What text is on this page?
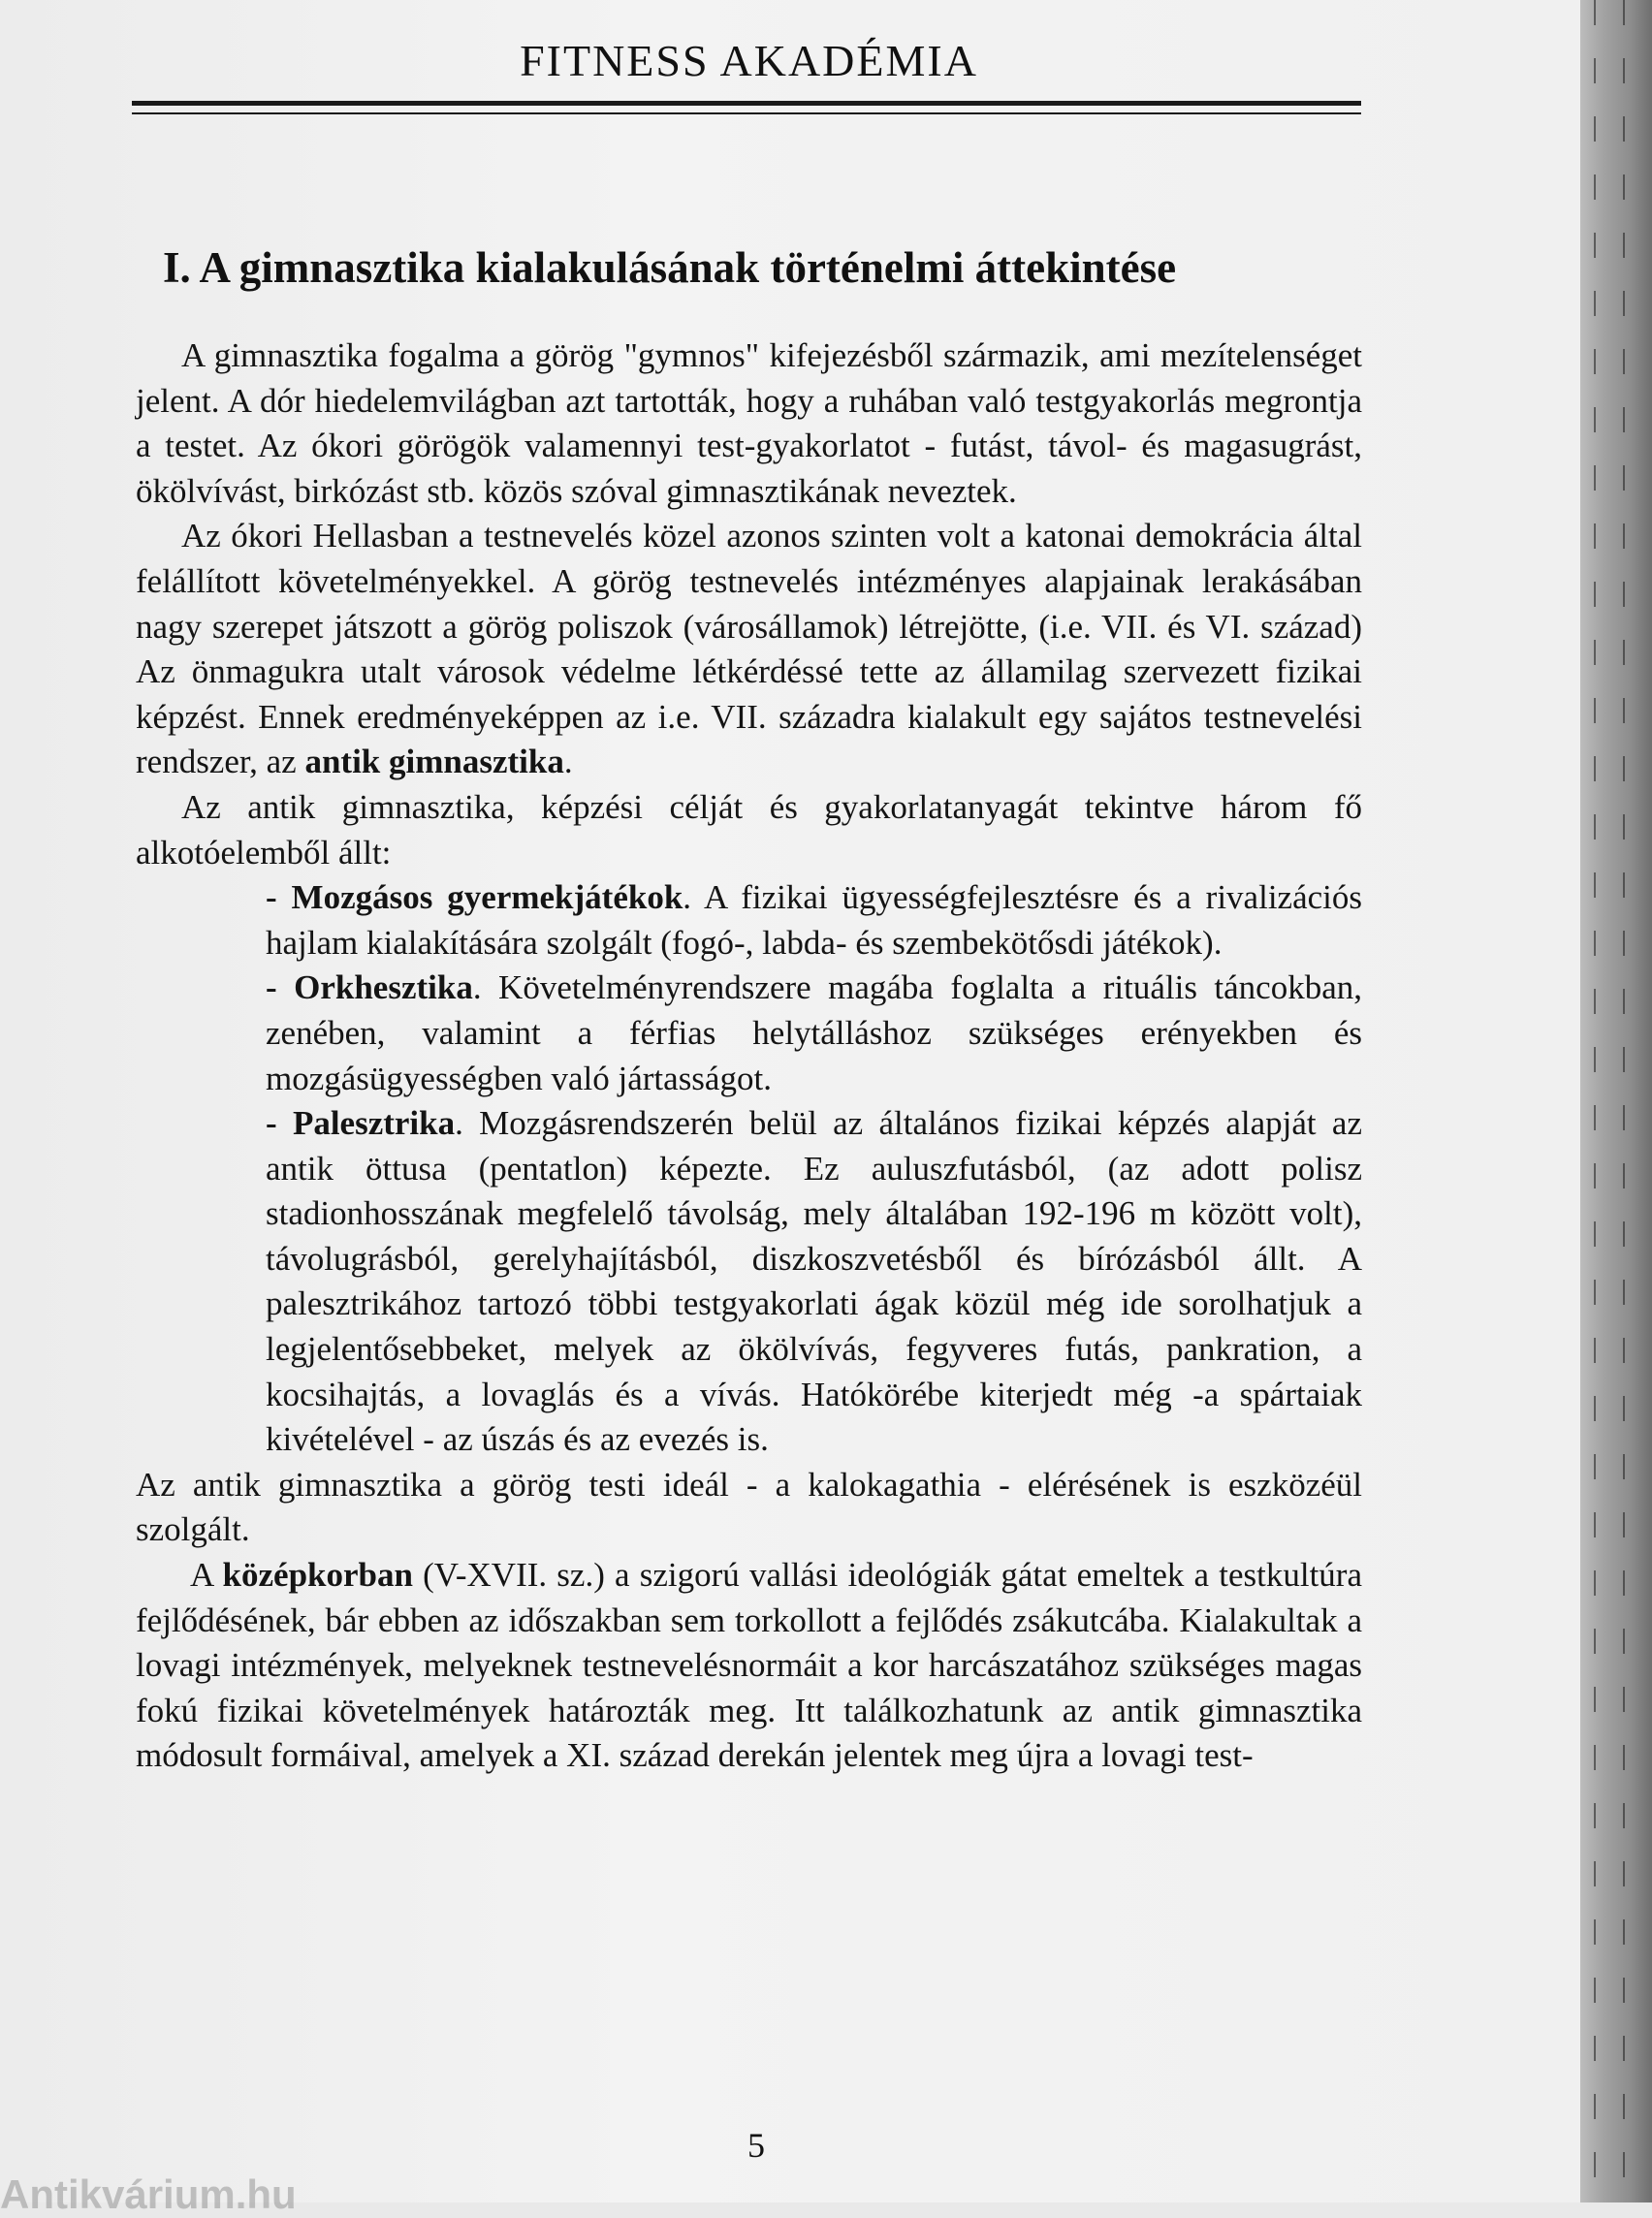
FITNESS AKADÉMIA
I. A gimnasztika kialakulásának történelmi áttekintése

A gimnasztika fogalma a görög "gymnos" kifejezésből származik, ami mezítelenséget jelent. A dór hiedelemvilágban azt tartották, hogy a ruhában való testgyakorlás megrontja a testet. Az ókori görögök valamennyi test-gyakorlatot - futást, távol- és magasugrást, ökölvívást, birkózást stb. közös szóval gimnasztikának neveztek.

Az ókori Hellasban a testnevelés közel azonos szinten volt a katonai demokrácia által felállított követelményekkel. A görög testnevelés intézményes alapjainak lerakásában nagy szerepet játszott a görög poliszok (városállamok) létrejötte, (i.e. VII. és VI. század) Az önmagukra utalt városok védelme létkérdéssé tette az államilag szervezett fizikai képzést. Ennek eredményeképpen az i.e. VII. századra kialakult egy sajátos testnevelési rendszer, az antik gimnasztika.

Az antik gimnasztika, képzési célját és gyakorlatanyagát tekintve három fő alkotóelemből állt:

- Mozgásos gyermekjátékok. A fizikai ügyességfejlesztésre és a rivalizációs hajlam kialakítására szolgált (fogó-, labda- és szembekötősdi játékok).

- Orkhesztika. Követelményrendszere magába foglalta a rituális táncokban, zenében, valamint a férfias helytálláshoz szükséges erényekben és mozgásügyességben való jártasságot.

- Palesztrika. Mozgásrendszerén belül az általános fizikai képzés alapját az antik öttusa (pentatlon) képezte. Ez auluszfutásból, (az adott polisz stadionhosszának megfelelő távolság, mely általában 192-196 m között volt), távolugrásból, gerelyhajításból, diszkoszvetésből és bírózásból állt. A palesztrikához tartozó többi testgyakorlati ágak közül még ide sorolhatjuk a legjelentősebbeket, melyek az ökölvívás, fegyveres futás, pankration, a kocsihajtás, a lovaglás és a vívás. Hatókörébe kiterjedt még -a spártaiak kivételével - az úszás és az evezés is.

Az antik gimnasztika a görög testi ideál - a kalokagathia - elérésének is eszközéül szolgált.

A középkorban (V-XVII. sz.) a szigorú vallási ideológiák gátat emeltek a testkultúra fejlődésének, bár ebben az időszakban sem torkollott a fejlődés zsákutcába. Kialakultak a lovagi intézmények, melyeknek testnevelésnormáit a kor harcászatához szükséges magas fokú fizikai követelmények határozták meg. Itt találkozhatunk az antik gimnasztika módosult formáival, amelyek a XI. század derekán jelentek meg újra a lovagi test-

5
Antikvárium.hu
